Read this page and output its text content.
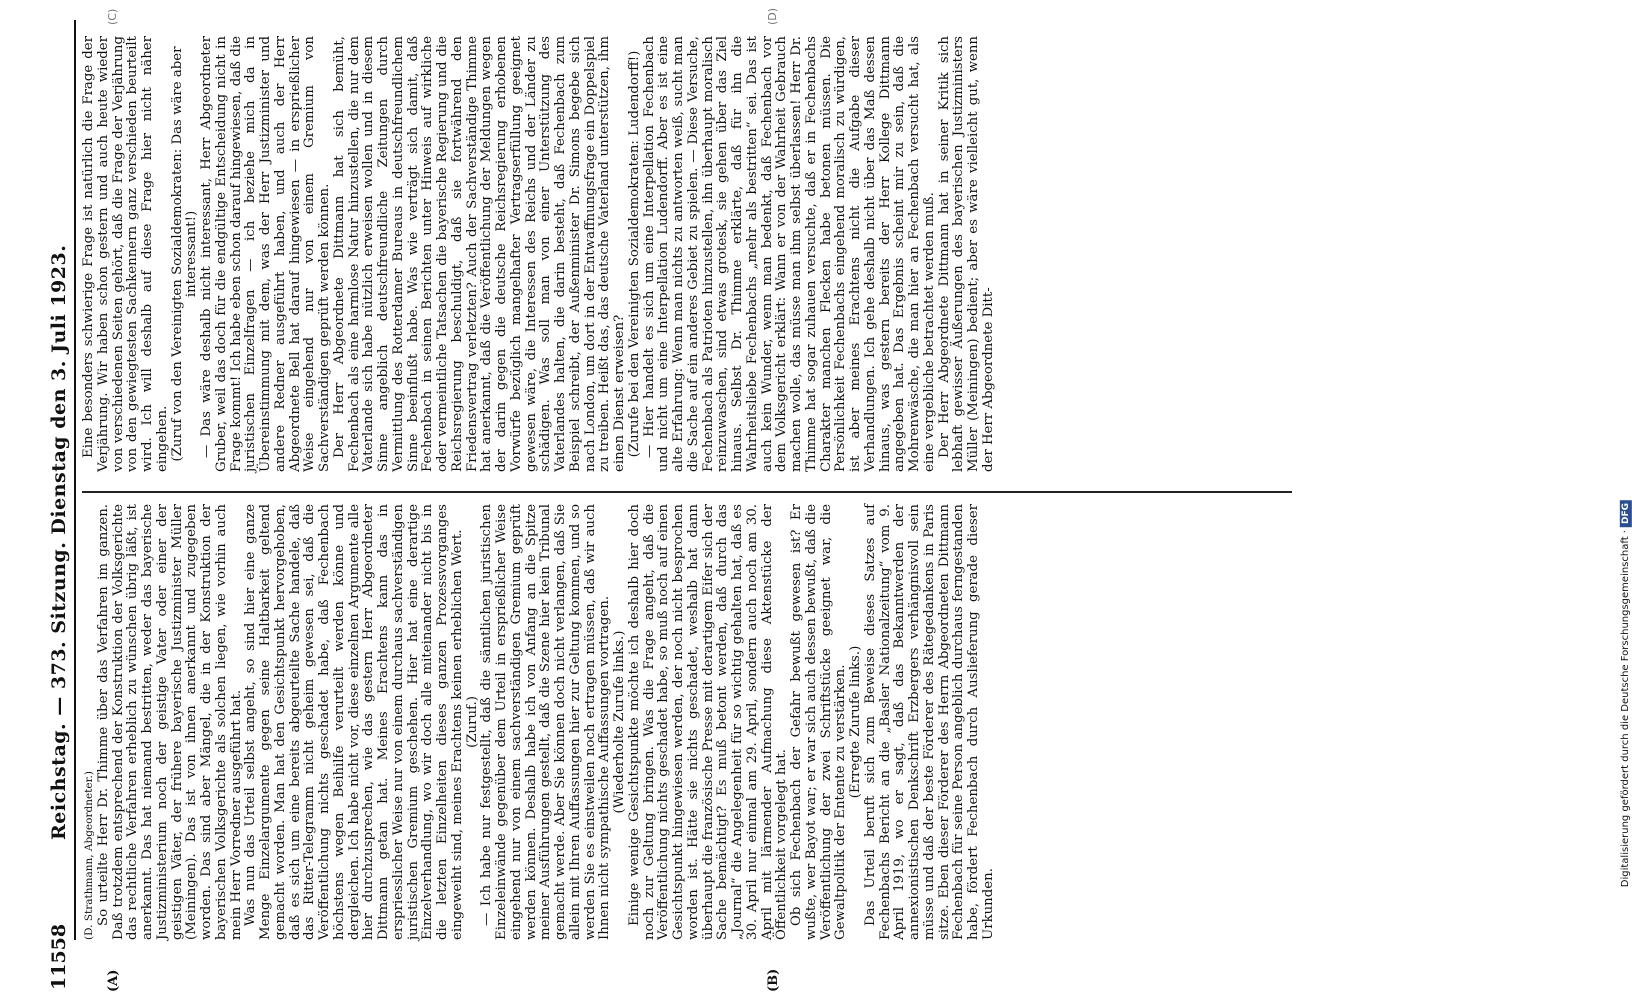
11558
Reichstag. — 373. Sitzung. Dienstag den 3. Juli 1923.
(A)	(B)
(C)	(D)

(D. Strathmann, Abgeordneter.) So urteilte Herr Dr. Thimme über das Verfahren im ganzen. Daß trotzdem entsprechend der Konstruktion der Volksgerichte das rechtliche Verfahren erheblich zu wünschen übrig läßt, ist anerkannt. Das hat niemand bestritten, weder das bayerische Justizministerium noch der geistige Vater oder einer der geistigen Väter, der frühere bayerische Justizminister Müller (Meiningen). Das ist von ihnen anerkannt und zugegeben worden. Das sind aber Mängel, die in der Konstruktion der bayerischen Volksgerichte als solchen liegen, wie vorhin auch mein Herr Vorredner ausgeführt hat. Was nun das Urteil selbst angeht, so sind hier eine ganze Menge Einzelargumente gegen seine Haltbarkeit geltend gemacht worden. Man hat den Gesichtspunkt hervorgehoben, daß es sich um eine bereits abgeurteilte Sache handele, daß das Ritter-Telegramm nicht geheim gewesen sei, daß die Veröffentlichung nichts geschadet habe, daß Fechenbach höchstens wegen Beihilfe verurteilt werden könne und dergleichen. Ich habe nicht vor, diese einzelnen Argumente alle hier durchzusprechen, wie das gestern Herr Abgeordneter Dittmann getan hat. Meines Erachtens kann das in erspriesslicher Weise nur von einem durchaus sachverständigen juristischen Gremium geschehen. Hier hat eine derartige Einzelverhandlung, wo wir doch alle miteinander nicht bis in die letzten Einzelheiten dieses ganzen Prozessvorganges eingeweiht sind, meines Erachtens keinen erheblichen Wert. (Zuruf.) — Ich habe nur festgestellt, daß die sämtlichen juristischen Einzeleinwände gegenüber dem Urteil in ersprießlicher Weise eingehend nur von einem sachverständigen Gremium geprüft werden können. Deshalb habe ich von Anfang an die Spitze meiner Ausführungen gestellt, daß die Szene hier kein Tribunal gemacht werde. Aber Sie können doch nicht verlangen, daß Sie allein mit Ihren Auffassungen hier zur Geltung kommen, und so werden Sie es einstweilen noch ertragen müssen, daß wir auch Ihnen nicht sympathische Auffassungen vortragen. (Wiederholte Zurufe links.) Einige wenige Gesichtspunkte möchte ich deshalb hier doch noch zur Geltung bringen. Was die Frage angeht, daß die Veröffentlichung nichts geschadet habe, so muß noch auf einen Gesichtspunkt hingewiesen werden, der noch nicht besprochen worden ist. Hätte sie nichts geschadet, weshalb hat dann überhaupt die französische Presse mit derartigem Eifer sich der Sache bemächtigt? Es muß betont werden, daß durch das „Journal“ die Angelegenheit für so wichtig gehalten hat, daß es 30. April nur einmal am 29. April, sondern auch noch am 30. April mit lärmender Aufmachung diese Aktenstücke der Öffentlichkeit vorgelegt hat. Ob sich Fechenbach der Gefahr bewußt gewesen ist? Er wußte, wer Bayot war; er war sich auch dessen bewußt, daß die Veröffentlichung der zwei Schriftstücke geeignet war, die Gewaltpolitik der Entente zu verstärken. (Erregte Zurufe links.) Das Urteil beruft sich zum Beweise dieses Satzes auf Fechenbachs Bericht an die „Basler Nationalzeitung“ vom 9. April 1919, wo er sagt, daß das Bekanntwerden der annexionistischen Denkschrift Erzbergers verhängnisvoll sein müsse und daß der beste Förderer des Rätegedankens in Paris sitze. Eben dieser Förderer des Herrn Abgeordneten Dittmann Fechenbach für seine Person angeblich durchaus ferngestanden habe, fördert Fechenbach durch Auslieferung gerade dieser Urkunden.

Eine besonders schwierige Frage ist natürlich die Frage der Verjährung. Wir haben schon gestern und auch heute wieder von verschiedenen Seiten gehört, daß die Frage der Verjährung von den gewiegtesten Sachkennern ganz verschieden beurteilt wird. Ich will deshalb auf diese Frage hier nicht näher eingehen. (Zuruf von den Vereinigten Sozialdemokraten: Das wäre aber interessant!) — Das wäre deshalb nicht interessant, Herr Abgeordneter Gruber, weil das doch für die endgültige Entscheidung nicht in Frage kommt! Ich habe eben schon darauf hingewiesen, daß die juristischen Einzelfragen — ich beziehe mich da in Übereinstimmung mit dem, was der Herr Justizminister und andere Redner ausgeführt haben, und auch der Herr Abgeordnete Bell hat darauf hingewiesen — in ersprießlicher Weise eingehend nur von einem Gremium von Sachverständigen geprüft werden können. Der Herr Abgeordnete Dittmann hat sich bemüht, Fechenbach als eine harmlose Natur hinzustellen, die nur dem Vaterlande sich habe nützlich erweisen wollen und in diesem Sinne angeblich deutschfreundliche Zeitungen durch Vermittlung des Rotterdamer Bureaus in deutschfreundlichem Sinne beeinflußt habe. Was wie verträgt sich damit, daß Fechenbach in seinen Berichten unter Hinweis auf wirkliche oder vermeintliche Tatsachen die bayerische Regierung und die Reichsregierung beschuldigt, daß sie fortwährend den Friedensvertrag verletzten? Auch der Sachverständige Thimme hat anerkannt, daß die Veröffentlichung der Meldungen wegen der darin gegen die deutsche Reichsregierung erhobenen Vorwürfe bezüglich mangelhafter Vertragserfüllung geeignet gewesen wäre, die Interessen des Reichs und der Länder zu schädigen. Was soll man von einer Unterstützung des Vaterlandes halten, die darin besteht, daß Fechenbach zum Beispiel schreibt, der Außenminister Dr. Simons begebe sich nach London, um dort in der Entwaffnungsfrage ein Doppelspiel zu treiben. Heißt das, das deutsche Vaterland unterstützen, ihm einen Dienst erweisen? (Zurufe bei den Vereinigten Sozialdemokraten: Ludendorff!) — Hier handelt es sich um eine Interpellation Fechenbach und nicht um eine Interpellation Ludendorff. Aber es ist eine alte Erfahrung: Wenn man nichts zu antworten weiß, sucht man die Sache auf ein anderes Gebiet zu spielen. — Diese Versuche, Fechenbach als Patrioten hinzustellen, ihn überhaupt moralisch reinzuwaschen, sind etwas grotesk, sie gehen über das Ziel hinaus. Selbst Dr. Thimme erklärte, daß für ihn die Wahrheitsliebe Fechenbachs „mehr als bestritten“ sei. Das ist auch kein Wunder, wenn man bedenkt, daß Fechenbach vor dem Volksgericht erklärt: Wann er von der Wahrheit Gebrauch machen wolle, das müsse man ihm selbst überlassen! Herr Dr. Thimme hat sogar zuhauen versuchte, daß er in Fechenbachs Charakter manchen Flecken habe betonen müssen. Die Persönlichkeit Fechenbachs eingehend moralisch zu würdigen, ist aber meines Erachtens nicht die Aufgabe dieser Verhandlungen. Ich gehe deshalb nicht über das Maß dessen hinaus, was gestern bereits der Herr Kollege Dittmann angegeben hat. Das Ergebnis scheint mir zu sein, daß die Mohrenwäsche, die man hier an Fechenbach versucht hat, als eine vergebliche betrachtet werden muß. Der Herr Abgeordnete Dittmann hat in seiner Kritik sich lebhaft gewisser Äußerungen des bayerischen Justizministers Müller (Meiningen) bedient; aber es wäre vielleicht gut, wenn der Herr Abgeordnete Ditt-

Digitalisierung gefördert durch die Deutsche Forschungsgemeinschaft ·DFG
